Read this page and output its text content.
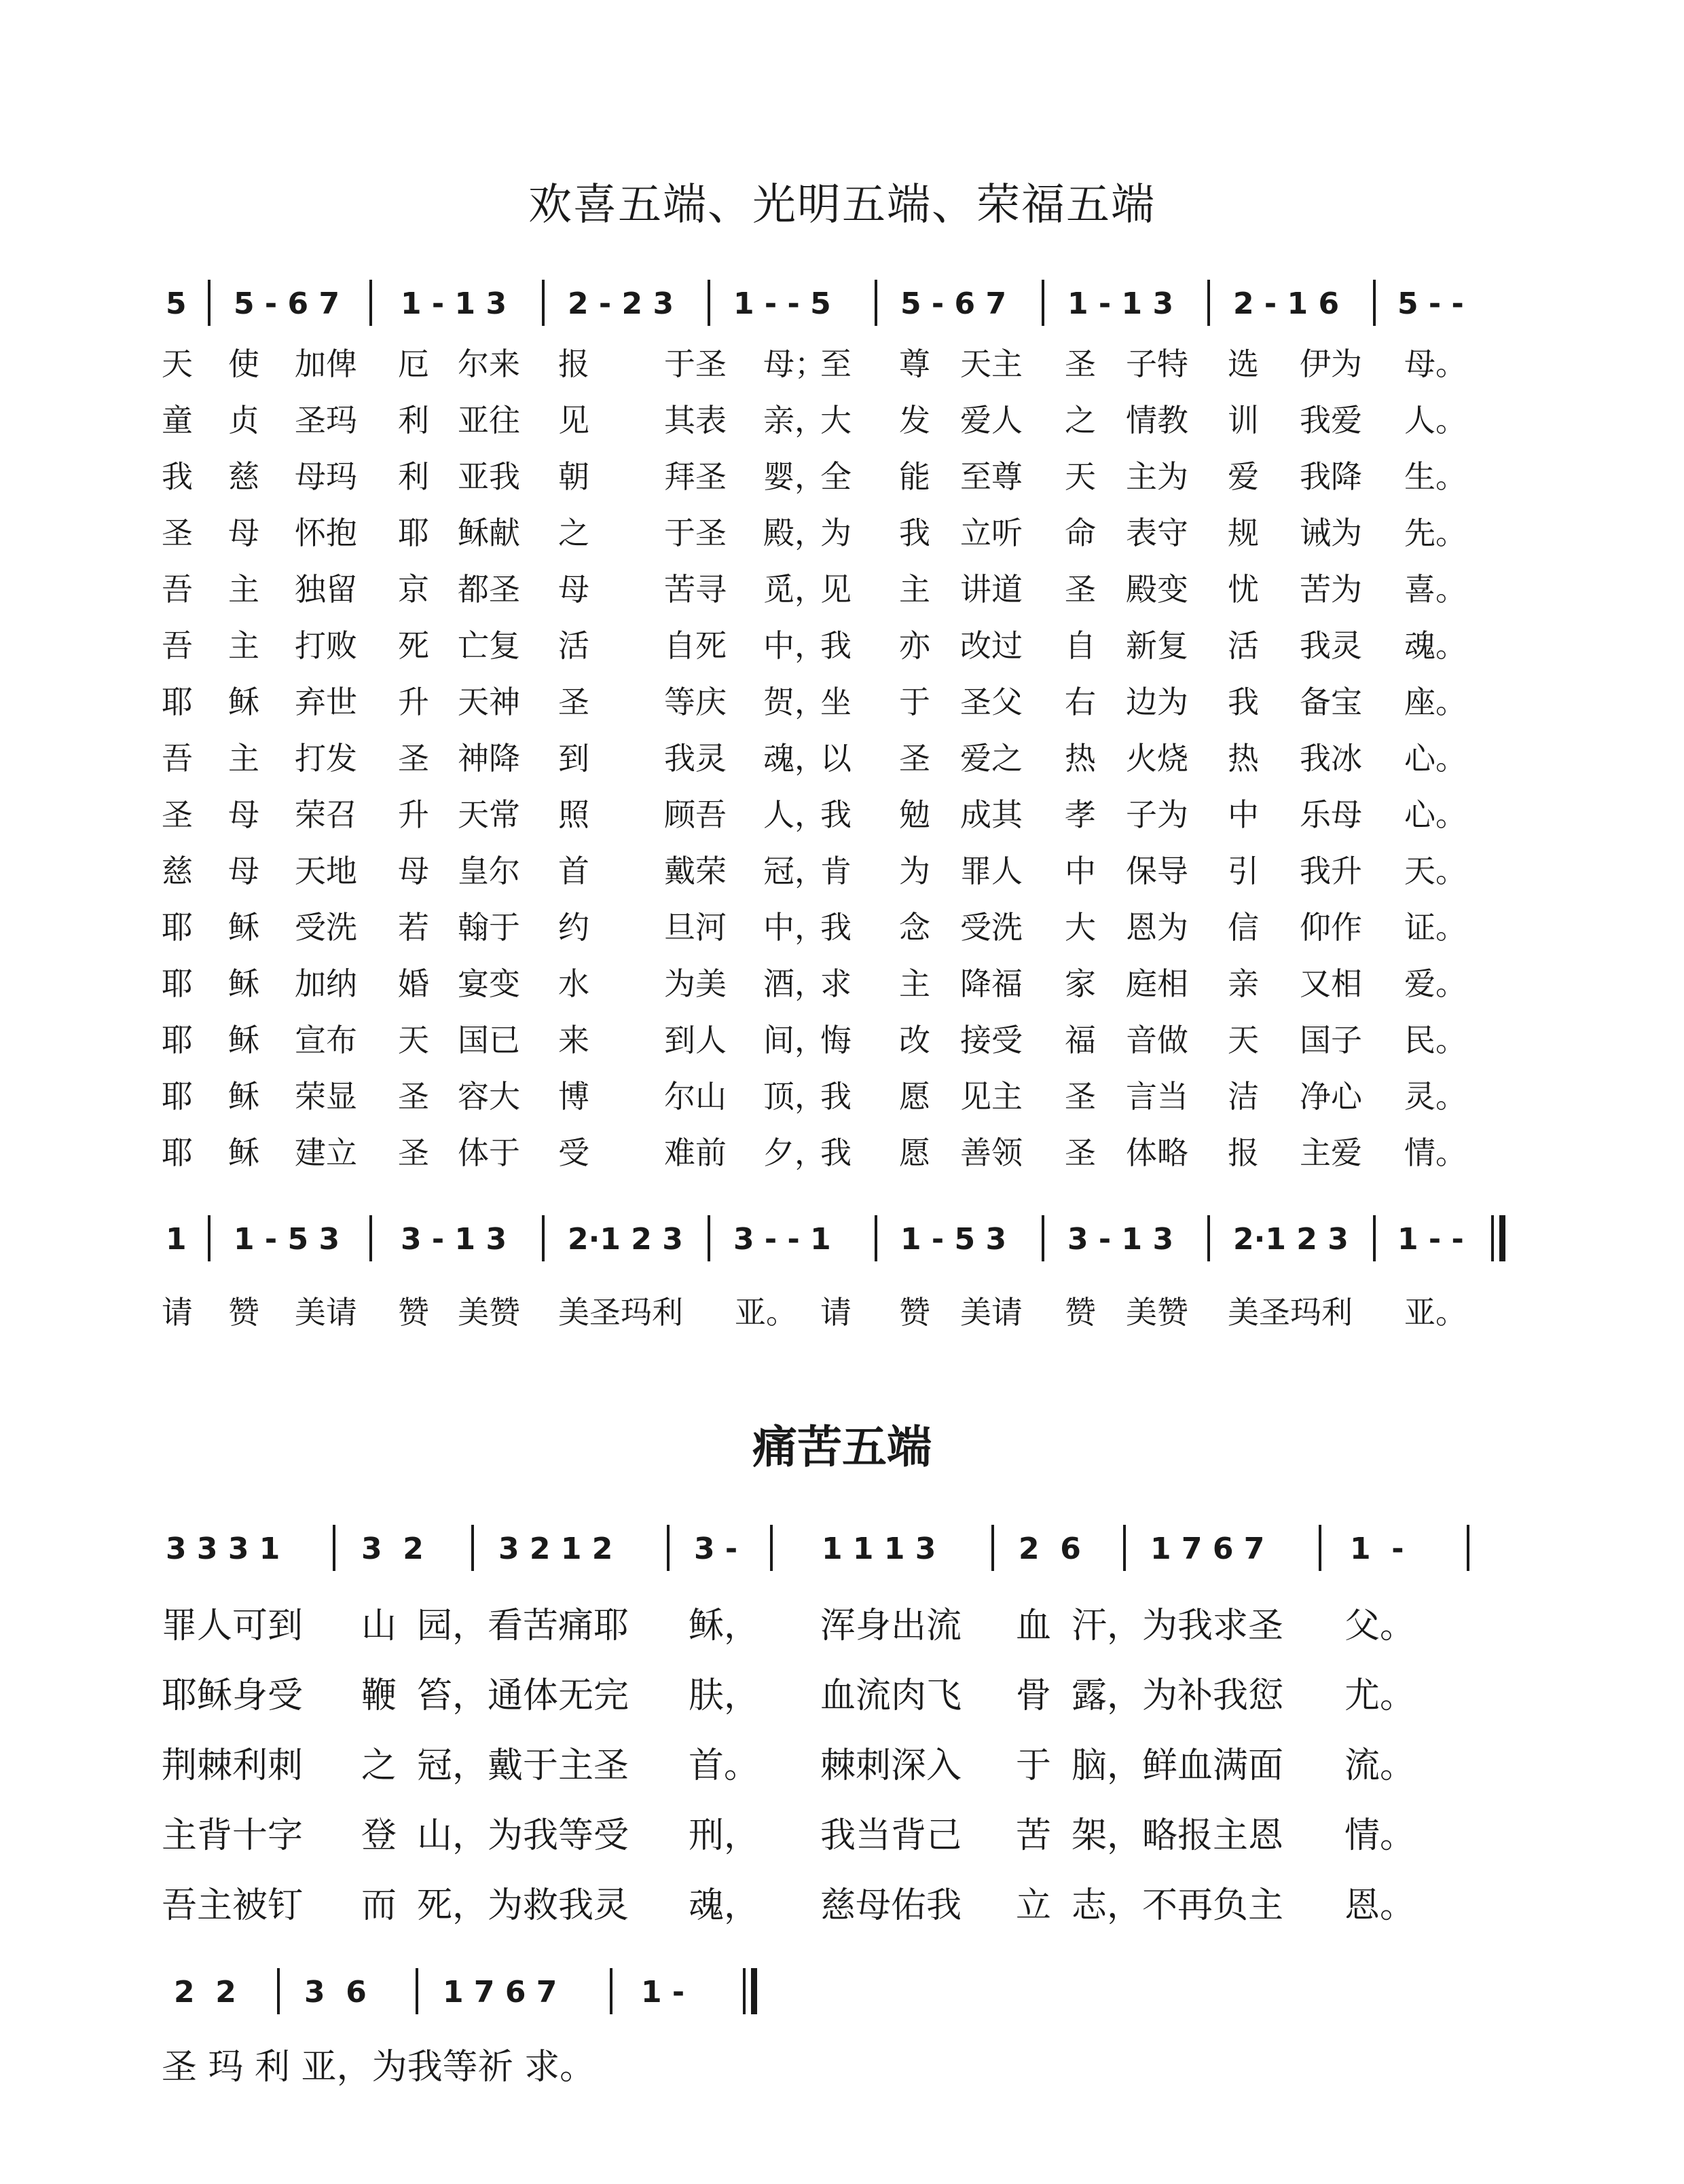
欢喜五端、光明五端、荣福五端
5 5 - 6 7 1 - 1 3 2 - 2 3 1 - - 5 5 - 6 7 1 - 1 3 2 - 1 6 5 - -
天 使 加俾 厄 尔来 报 于圣 母；
至 尊 天主 圣 子特 选 伊为 母。
童 贞 圣玛 利 亚往 见 其表 亲，
大 发 爱人 之 情教 训 我爱 人。
我 慈 母玛 利 亚我 朝 拜圣 婴，
全 能 至尊 天 主为 爱 我降 生。
圣 母 怀抱 耶 稣献 之 于圣 殿，
为 我 立听 命 表守 规 诫为 先。
吾 主 独留 京 都圣 母 苦寻 觅，
见 主 讲道 圣 殿变 忧 苦为 喜。
吾 主 打败 死 亡复 活 自死 中，
我 亦 改过 自 新复 活 我灵 魂。
耶 稣 弃世 升 天神 圣 等庆 贺，
坐 于 圣父 右 边为 我 备宝 座。
吾 主 打发 圣 神降 到 我灵 魂，
以 圣 爱之 热 火烧 热 我冰 心。
圣 母 荣召 升 天常 照 顾吾 人，
我 勉 成其 孝 子为 中 乐母 心。
慈 母 天地 母 皇尔 首 戴荣 冠，
肯 为 罪人 中 保导 引 我升 天。
耶 稣 受洗 若 翰于 约 旦河 中，
我 念 受洗 大 恩为 信 仰作 证。
耶 稣 加纳 婚 宴变 水 为美 酒，
求 主 降福 家 庭相 亲 又相 爱。
耶 稣 宣布 天 国已 来 到人 间，
悔 改 接受 福 音做 天 国子 民。
耶 稣 荣显 圣 容大 博 尔山 顶，
我 愿 见主 圣 言当 洁 净心 灵。
耶 稣 建立 圣 体于 受 难前 夕，
我 愿 善领 圣 体略 报 主爱 情。
1 1 - 5 3 3 - 1 3 2·1 2 3 3 - - 1 1 - 5 3 3 - 1 3 2·1 2 3 1 - -
请 赞 美请 赞 美赞 美圣玛利 亚。 请 赞 美请 赞 美赞 美圣玛利 亚。
痛苦五端
3 3 3 1	3  2	3 2 1 2	3 -	1 1 1 3	2  6 1 7 6 7	1  -
罪人可到 山 园，看苦痛耶 稣， 浑身出流 血 汗，为我求圣 父。
耶稣身受 鞭 笞，通体无完 肤， 血流肉飞 骨 露，为补我愆 尤。
荆棘利刺 之 冠，戴于主圣 首。 棘刺深入 于 脑，鲜血满面 流。
主背十字 登 山，为我等受 刑， 我当背己 苦 架，略报主恩 情。
吾主被钉 而 死，为救我灵 魂， 慈母佑我 立 志，不再负主 恩。
2  2 3  6	1 7 6 7	1 -
圣 玛 利 亚，为我等祈 求。
